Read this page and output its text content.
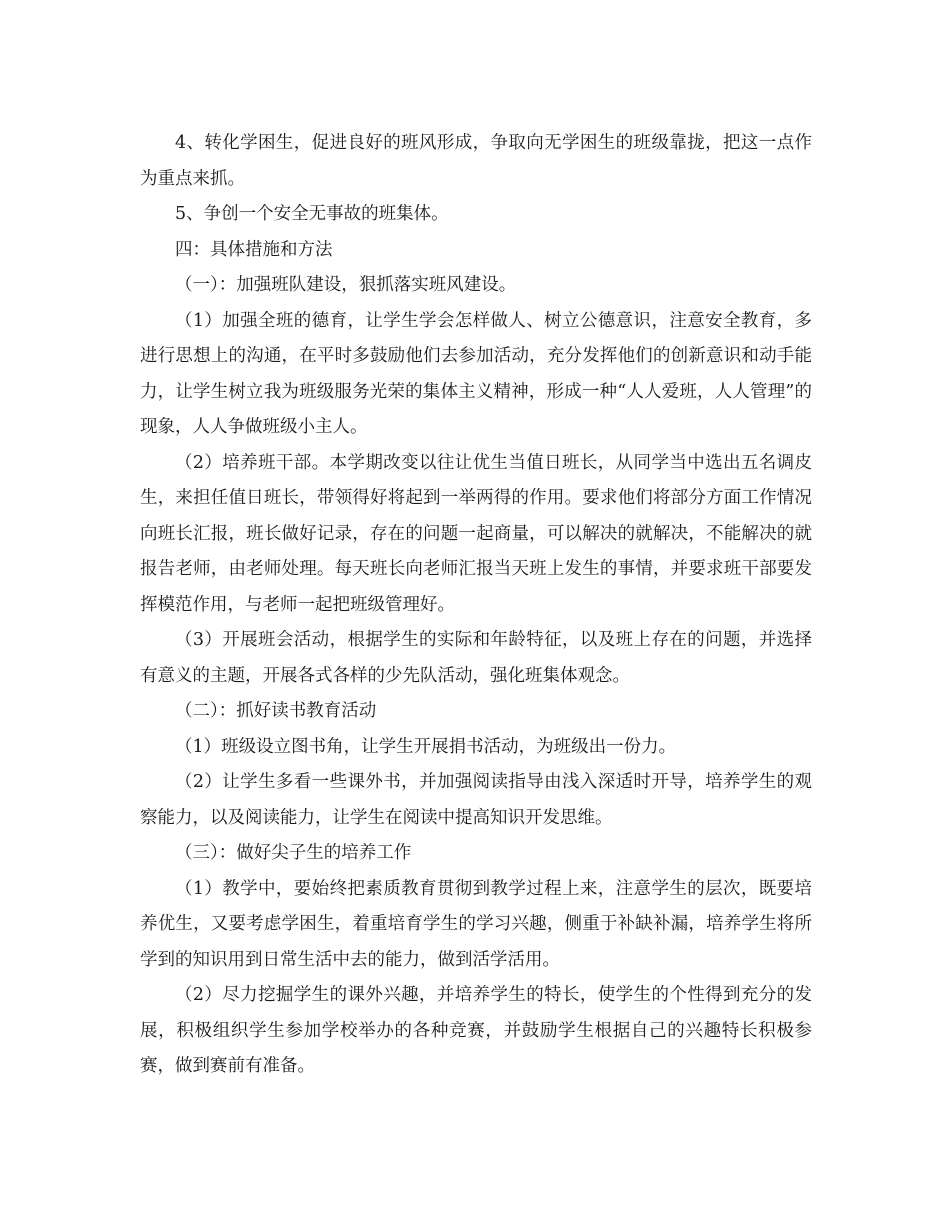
4、转化学困生，促进良好的班风形成，争取向无学困生的班级靠拢，把这一点作为重点来抓。

5、争创一个安全无事故的班集体。

四：具体措施和方法

（一）：加强班队建设，狠抓落实班风建设。

（1）加强全班的德育，让学生学会怎样做人、树立公德意识，注意安全教育，多进行思想上的沟通，在平时多鼓励他们去参加活动，充分发挥他们的创新意识和动手能力，让学生树立我为班级服务光荣的集体主义精神，形成一种“人人爱班，人人管理”的现象，人人争做班级小主人。

（2）培养班干部。本学期改变以往让优生当值日班长，从同学当中选出五名调皮生，来担任值日班长，带领得好将起到一举两得的作用。要求他们将部分方面工作情况向班长汇报，班长做好记录，存在的问题一起商量，可以解决的就解决，不能解决的就报告老师，由老师处理。每天班长向老师汇报当天班上发生的事情，并要求班干部要发挥模范作用，与老师一起把班级管理好。

（3）开展班会活动，根据学生的实际和年龄特征，以及班上存在的问题，并选择有意义的主题，开展各式各样的少先队活动，强化班集体观念。

（二）：抓好读书教育活动

（1）班级设立图书角，让学生开展捐书活动，为班级出一份力。

（2）让学生多看一些课外书，并加强阅读指导由浅入深适时开导，培养学生的观察能力，以及阅读能力，让学生在阅读中提高知识开发思维。

（三）：做好尖子生的培养工作

（1）教学中，要始终把素质教育贯彻到教学过程上来，注意学生的层次，既要培养优生，又要考虑学困生，着重培育学生的学习兴趣，侧重于补缺补漏，培养学生将所学到的知识用到日常生活中去的能力，做到活学活用。

（2）尽力挖掘学生的课外兴趣，并培养学生的特长，使学生的个性得到充分的发展，积极组织学生参加学校举办的各种竞赛，并鼓励学生根据自己的兴趣特长积极参赛，做到赛前有准备。
